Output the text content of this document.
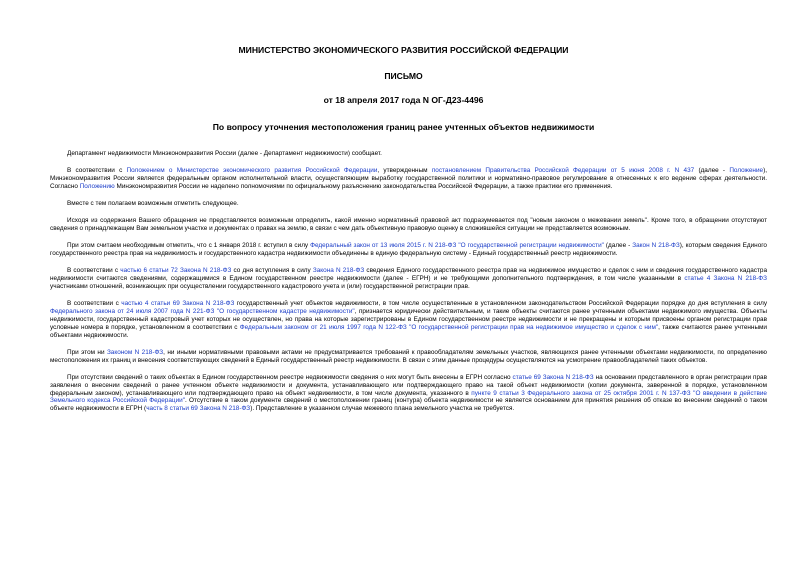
МИНИСТЕРСТВО ЭКОНОМИЧЕСКОГО РАЗВИТИЯ РОССИЙСКОЙ ФЕДЕРАЦИИ
ПИСЬМО
от 18 апреля 2017 года N ОГ-Д23-4496
По вопросу уточнения местоположения границ ранее учтенных объектов недвижимости

Департамент недвижимости Минэкономразвития России (далее - Департамент недвижимости) сообщает.

В соответствии с Положением о Министерстве экономического развития Российской Федерации, утвержденным постановлением Правительства Российской Федерации от 5 июня 2008 г. N 437 (далее - Положение), Минэкономразвития России является федеральным органом исполнительной власти, осуществляющим выработку государственной политики и нормативно-правовое регулирование в отнесенных к его ведение сферах деятельности. Согласно Положению Минэкономразвития России не наделено полномочиями по официальному разъяснению законодательства Российской Федерации, а также практики его применения.

Вместе с тем полагаем возможным отметить следующее.

Исходя из содержания Вашего обращения не представляется возможным определить, какой именно нормативный правовой акт подразумевается под "новым законом о межевании земель". Кроме того, в обращении отсутствуют сведения о принадлежащем Вам земельном участке и документах о правах на землю, в связи с чем дать объективную правовую оценку в сложившейся ситуации не представляется возможным.

При этом считаем необходимым отметить, что с 1 января 2018 г. вступил в силу Федеральный закон от 13 июля 2015 г. N 218-ФЗ "О государственной регистрации недвижимости" (далее - Закон N 218-ФЗ), которым сведения Единого государственного реестра прав на недвижимость и государственного кадастра недвижимости объединены в единую федеральную систему - Единый государственный реестр недвижимости.

В соответствии с частью 6 статьи 72 Закона N 218-ФЗ со дня вступления в силу Закона N 218-ФЗ сведения Единого государственного реестра прав на недвижимое имущество и сделок с ним и сведения государственного кадастра недвижимости считаются сведениями, содержащимися в Едином государственном реестре недвижимости (далее - ЕГРН) и не требующими дополнительного подтверждения, в том числе указанными в статье 4 Закона N 218-ФЗ участниками отношений, возникающих при осуществлении государственного кадастрового учета и (или) государственной регистрации прав.

В соответствии с частью 4 статьи 69 Закона N 218-ФЗ государственный учет объектов недвижимости, в том числе осуществленные в установленном законодательством Российской Федерации порядке до дня вступления в силу Федерального закона от 24 июля 2007 года N 221-ФЗ "О государственном кадастре недвижимости", признается юридически действительным, и такие объекты считаются ранее учтенными объектами недвижимого имущества. Объекты недвижимости, государственный кадастровый учет которых не осуществлен, но права на которые зарегистрированы в Едином государственном реестре недвижимости и не прекращены и которым присвоены органом регистрации прав условные номера в порядке, установленном в соответствии с Федеральным законом от 21 июля 1997 года N 122-ФЗ "О государственной регистрации прав на недвижимое имущество и сделок с ним", также считаются ранее учтенными объектами недвижимости.

При этом ни Законом N 218-ФЗ, ни иными нормативными правовыми актами не предусматривается требований к правообладателям земельных участков, являющихся ранее учтенными объектами недвижимости, по определению местоположения их границ и внесения соответствующих сведений в Единый государственный реестр недвижимости. В связи с этим данные процедуры осуществляются на усмотрение правообладателей таких объектов.

При отсутствии сведений о таких объектах в Едином государственном реестре недвижимости сведения о них могут быть внесены в ЕГРН согласно статье 69 Закона N 218-ФЗ на основании представленного в орган регистрации прав заявления о внесении сведений о ранее учтенном объекте недвижимости и документа, устанавливающего или подтверждающего право на такой объект недвижимости (копии документа, заверенной в порядке, установленном федеральным законом), устанавливающего или подтверждающего право на объект недвижимости, в том числе документа, указанного в пункте 9 статьи 3 Федерального закона от 25 октября 2001 г. N 137-ФЗ "О введении в действие Земельного кодекса Российской Федерации". Отсутствие в таком документе сведений о местоположении границ (контура) объекта недвижимости не является основанием для принятия решения об отказе во внесении сведений о таком объекте недвижимости в ЕГРН (часть 8 статьи 69 Закона N 218-ФЗ). Представление в указанном случае межевого плана земельного участка не требуется.
